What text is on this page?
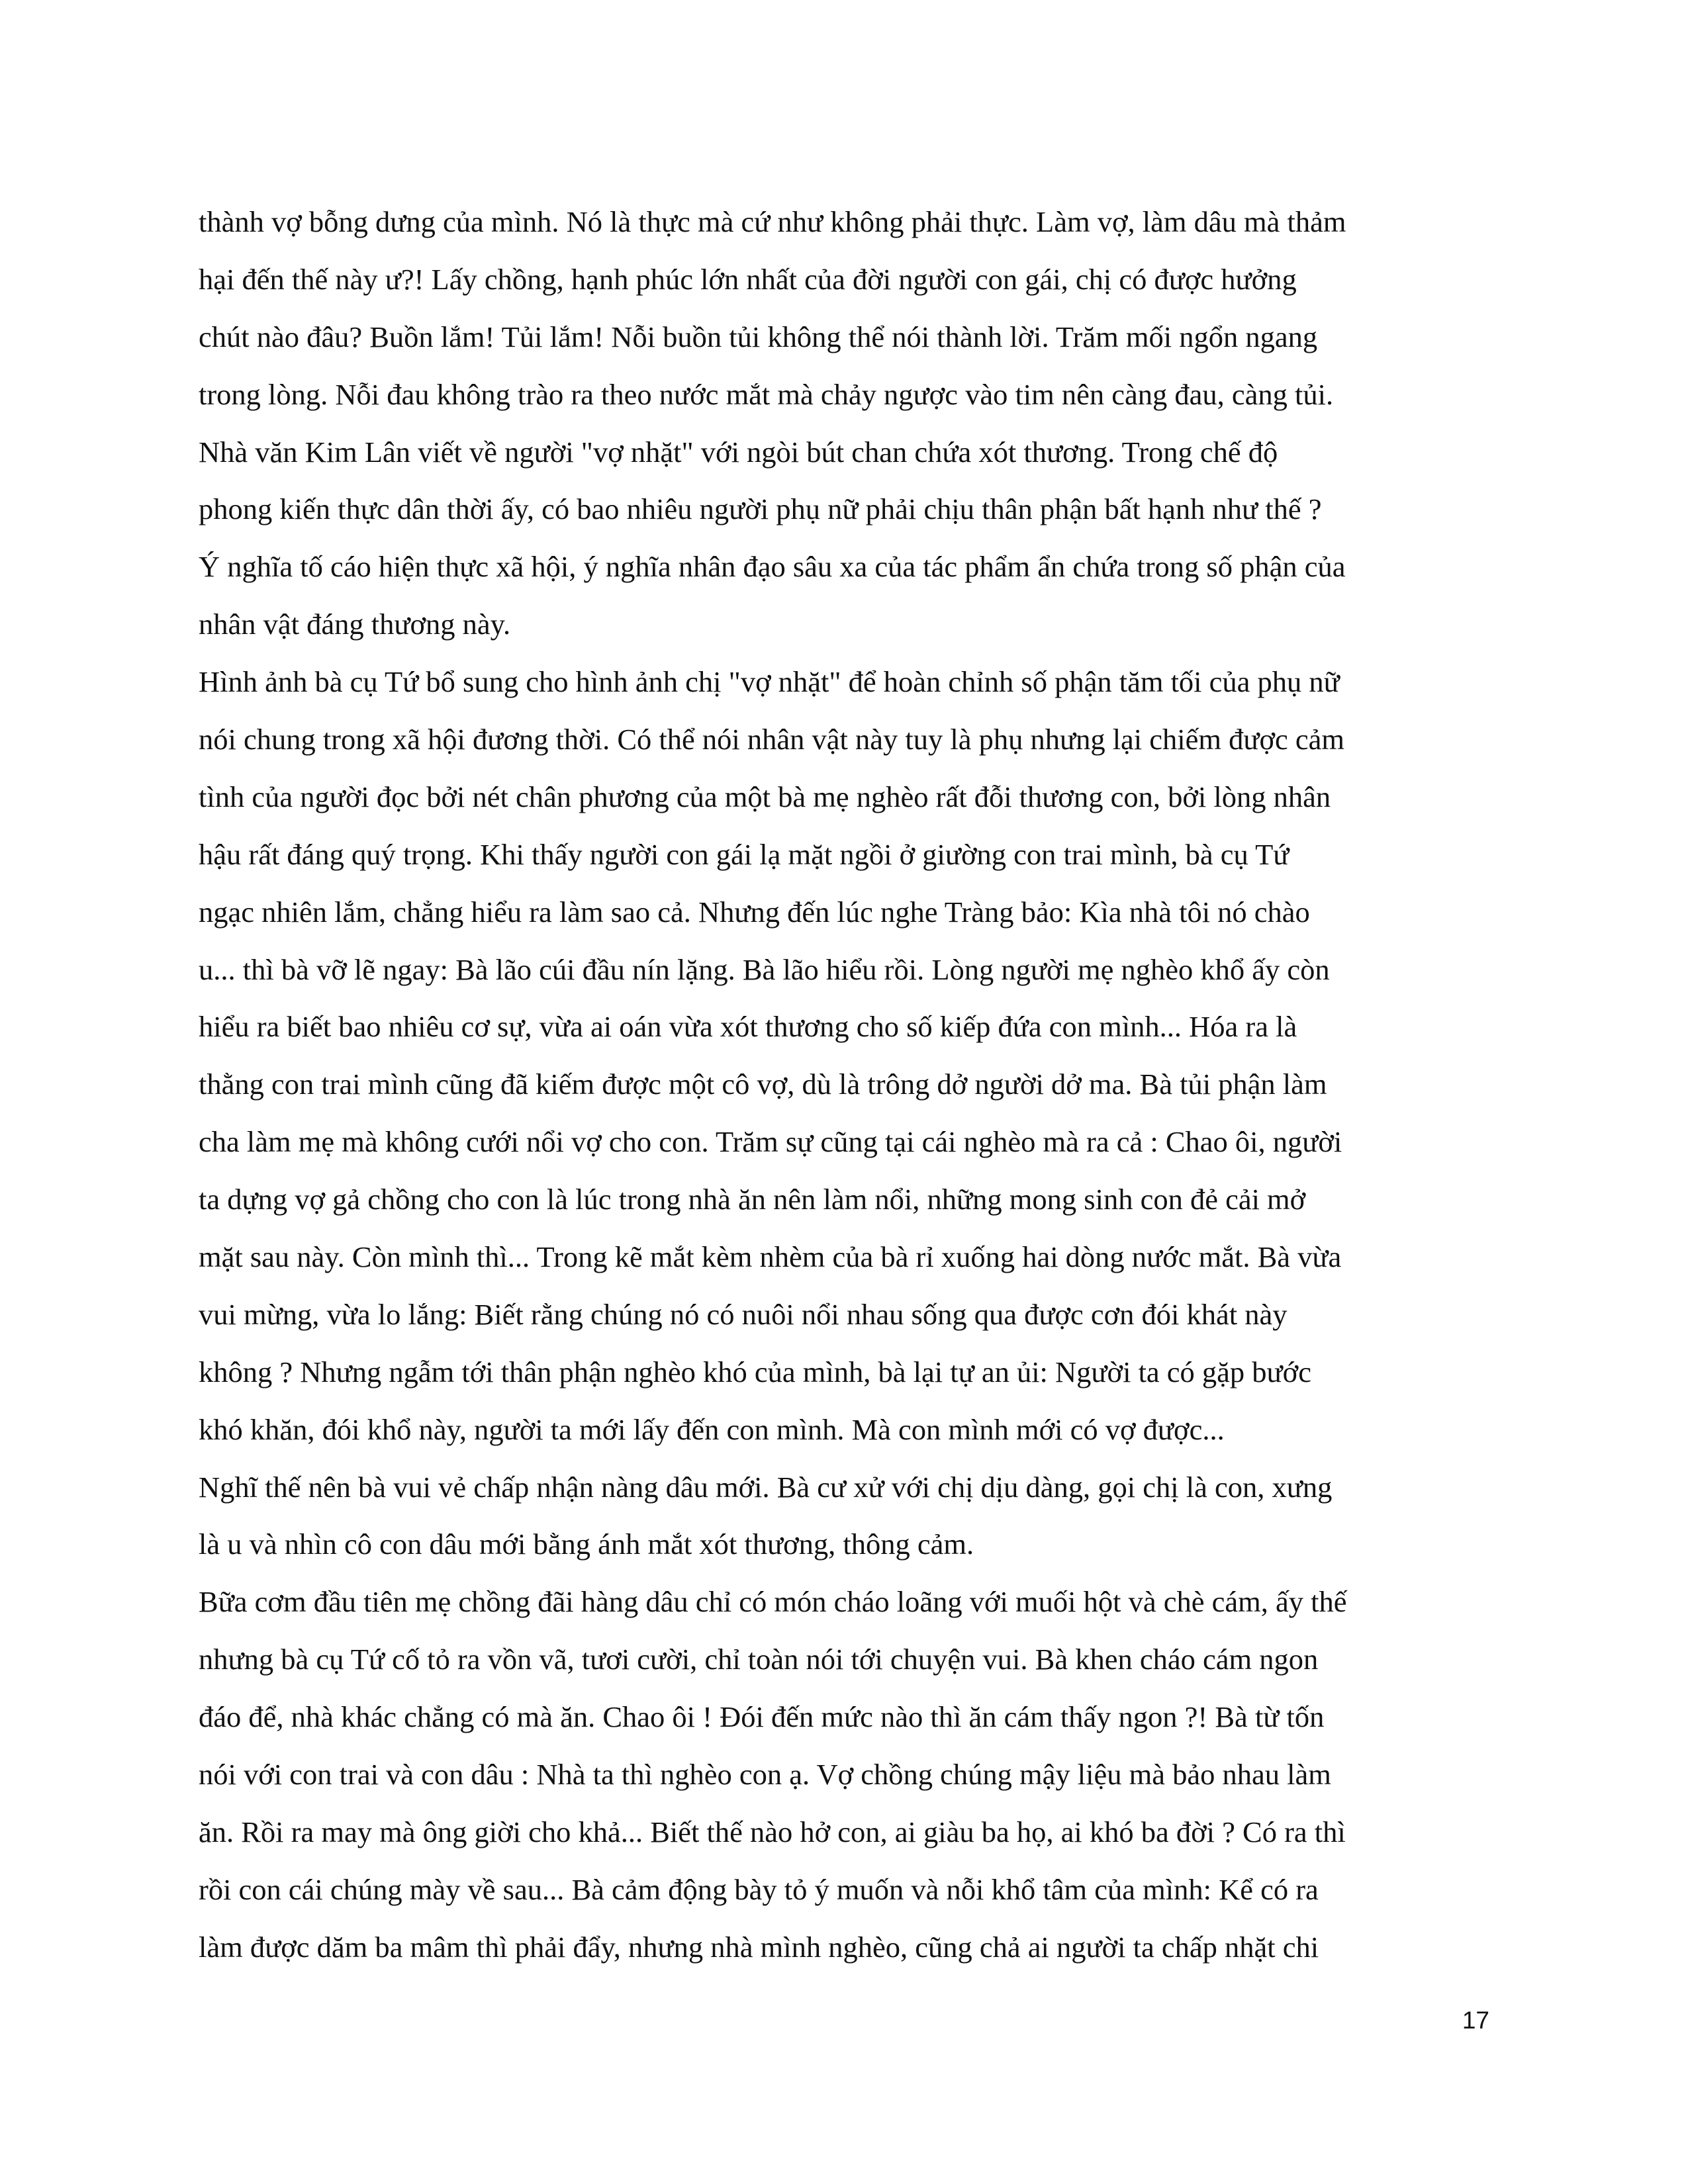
thành vợ bỗng dưng của mình. Nó là thực mà cứ như không phải thực. Làm vợ, làm dâu mà thảm
hại đến thế này ư?! Lấy chồng, hạnh phúc lớn nhất của đời người con gái, chị có được hưởng
chút nào đâu? Buồn lắm! Tủi lắm! Nỗi buồn tủi không thể nói thành lời. Trăm mối ngổn ngang
trong lòng. Nỗi đau không trào ra theo nước mắt mà chảy ngược vào tim nên càng đau, càng tủi.
Nhà văn Kim Lân viết về người "vợ nhặt" với ngòi bút chan chứa xót thương. Trong chế độ
phong kiến thực dân thời ấy, có bao nhiêu người phụ nữ phải chịu thân phận bất hạnh như thế ?
Ý nghĩa tố cáo hiện thực xã hội, ý nghĩa nhân đạo sâu xa của tác phẩm ẩn chứa trong số phận của
nhân vật đáng thương này.
Hình ảnh bà cụ Tứ bổ sung cho hình ảnh chị "vợ nhặt" để hoàn chỉnh số phận tăm tối của phụ nữ
nói chung trong xã hội đương thời. Có thể nói nhân vật này tuy là phụ nhưng lại chiếm được cảm
tình của người đọc bởi nét chân phương của một bà mẹ nghèo rất đỗi thương con, bởi lòng nhân
hậu rất đáng quý trọng. Khi thấy người con gái lạ mặt ngồi ở giường con trai mình, bà cụ Tứ
ngạc nhiên lắm, chẳng hiểu ra làm sao cả. Nhưng đến lúc nghe Tràng bảo: Kìa nhà tôi nó chào
u... thì bà vỡ lẽ ngay: Bà lão cúi đầu nín lặng. Bà lão hiểu rồi. Lòng người mẹ nghèo khổ ấy còn
hiểu ra biết bao nhiêu cơ sự, vừa ai oán vừa xót thương cho số kiếp đứa con mình... Hóa ra là
thằng con trai mình cũng đã kiếm được một cô vợ, dù là trông dở người dở ma. Bà tủi phận làm
cha làm mẹ mà không cưới nổi vợ cho con. Trăm sự cũng tại cái nghèo mà ra cả : Chao ôi, người
ta dựng vợ gả chồng cho con là lúc trong nhà ăn nên làm nổi, những mong sinh con đẻ cải mở
mặt sau này. Còn mình thì... Trong kẽ mắt kèm nhèm của bà rỉ xuống hai dòng nước mắt. Bà vừa
vui mừng, vừa lo lắng: Biết rằng chúng nó có nuôi nổi nhau sống qua được cơn đói khát này
không ? Nhưng ngẫm tới thân phận nghèo khó của mình, bà lại tự an ủi: Người ta có gặp bước
khó khăn, đói khổ này, người ta mới lấy đến con mình. Mà con mình mới có vợ được...
Nghĩ thế nên bà vui vẻ chấp nhận nàng dâu mới. Bà cư xử với chị dịu dàng, gọi chị là con, xưng
là u và nhìn cô con dâu mới bằng ánh mắt xót thương, thông cảm.
Bữa cơm đầu tiên mẹ chồng đãi hàng dâu chỉ có món cháo loãng với muối hột và chè cám, ấy thế
nhưng bà cụ Tứ cố tỏ ra vồn vã, tươi cười, chỉ toàn nói tới chuyện vui. Bà khen cháo cám ngon
đáo để, nhà khác chẳng có mà ăn. Chao ôi ! Đói đến mức nào thì ăn cám thấy ngon ?! Bà từ tốn
nói với con trai và con dâu : Nhà ta thì nghèo con ạ. Vợ chồng chúng mậy liệu mà bảo nhau làm
ăn. Rồi ra may mà ông giời cho khả... Biết thế nào hở con, ai giàu ba họ, ai khó ba đời ? Có ra thì
rồi con cái chúng mày về sau... Bà cảm động bày tỏ ý muốn và nỗi khổ tâm của mình: Kể có ra
làm được dăm ba mâm thì phải đẩy, nhưng nhà mình nghèo, cũng chả ai người ta chấp nhặt chi
17
